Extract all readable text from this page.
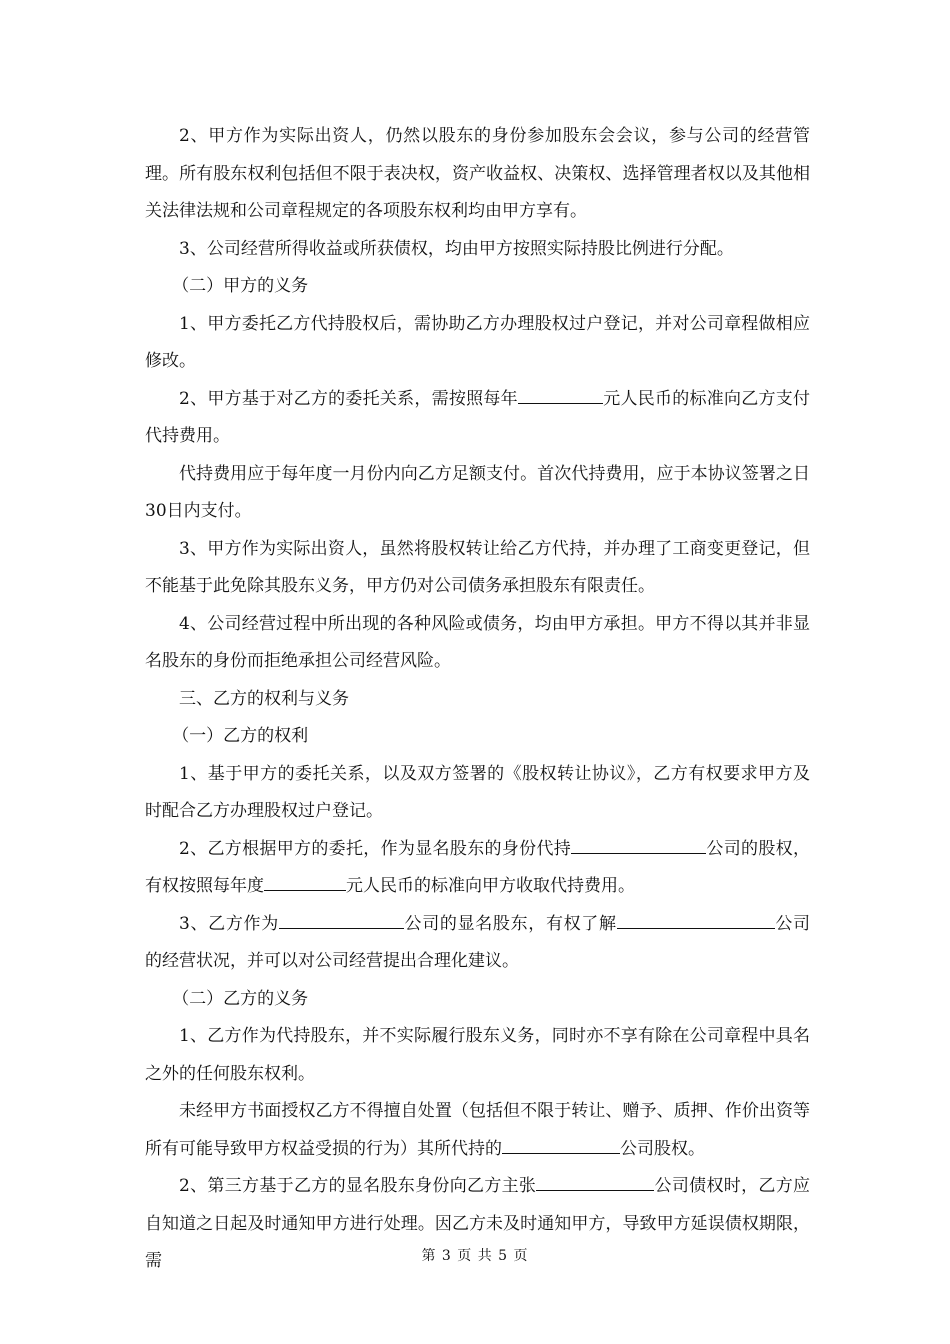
2、甲方作为实际出资人，仍然以股东的身份参加股东会会议，参与公司的经营管理。所有股东权利包括但不限于表决权，资产收益权、决策权、选择管理者权以及其他相关法律法规和公司章程规定的各项股东权利均由甲方享有。

3、公司经营所得收益或所获债权，均由甲方按照实际持股比例进行分配。

（二）甲方的义务

1、甲方委托乙方代持股权后，需协助乙方办理股权过户登记，并对公司章程做相应修改。

2、甲方基于对乙方的委托关系，需按照每年	元人民币的标准向乙方支付代持费用。

代持费用应于每年度一月份内向乙方足额支付。首次代持费用，应于本协议签署之日30日内支付。

3、甲方作为实际出资人，虽然将股权转让给乙方代持，并办理了工商变更登记，但不能基于此免除其股东义务，甲方仍对公司债务承担股东有限责任。

4、公司经营过程中所出现的各种风险或债务，均由甲方承担。甲方不得以其并非显名股东的身份而拒绝承担公司经营风险。

三、乙方的权利与义务

（一）乙方的权利

1、基于甲方的委托关系，以及双方签署的《股权转让协议》，乙方有权要求甲方及时配合乙方办理股权过户登记。

2、乙方根据甲方的委托，作为显名股东的身份代持	公司的股权，有权按照每年度	元人民币的标准向甲方收取代持费用。

3、乙方作为	公司的显名股东，有权了解	公司的经营状况，并可以对公司经营提出合理化建议。

（二）乙方的义务

1、乙方作为代持股东，并不实际履行股东义务，同时亦不享有除在公司章程中具名之外的任何股东权利。

未经甲方书面授权乙方不得擅自处置（包括但不限于转让、赠予、质押、作价出资等所有可能导致甲方权益受损的行为）其所代持的	公司股权。

2、第三方基于乙方的显名股东身份向乙方主张	公司债权时，乙方应自知道之日起及时通知甲方进行处理。因乙方未及时通知甲方，导致甲方延误债权期限，需	第 3 页 共 5 页
